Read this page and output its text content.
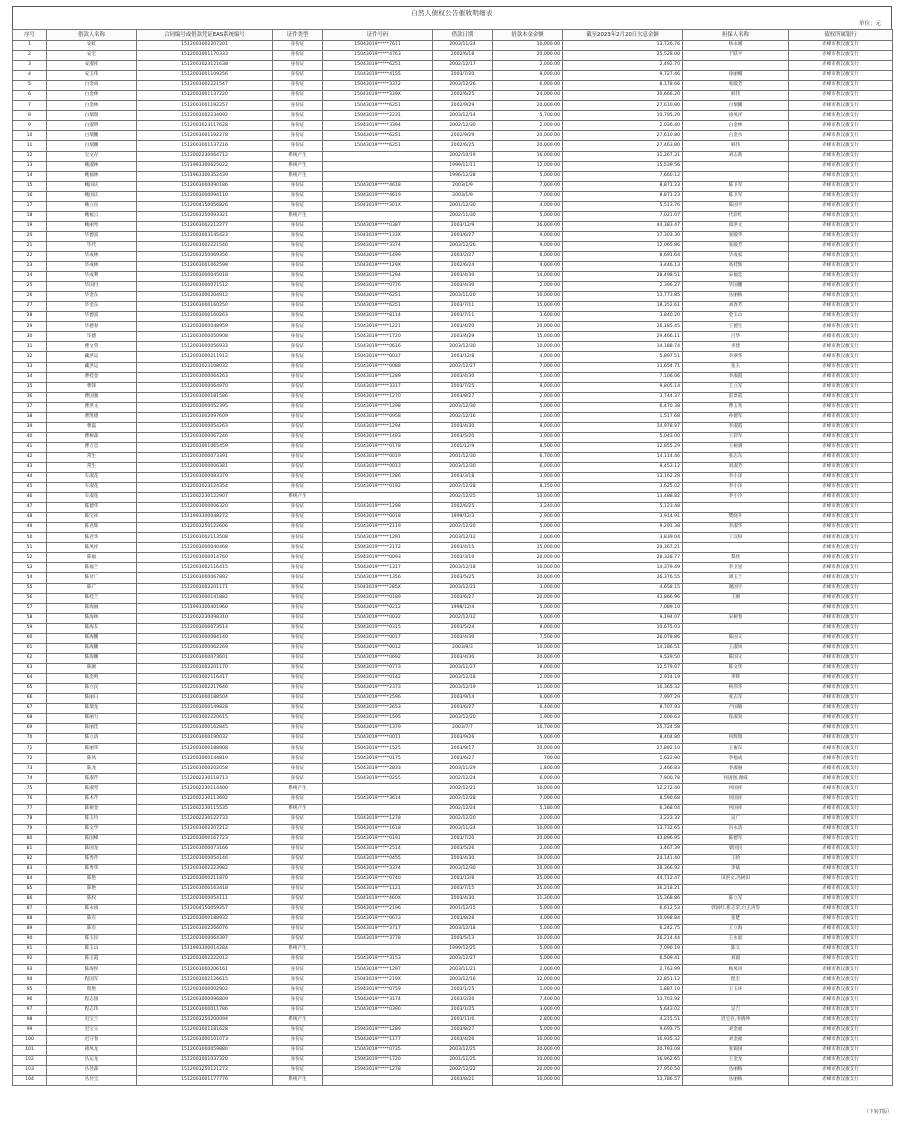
自然人债权公告催收明细表
单位：元
序号	借款人名称	合同编号或借款凭证EAS系统编号	证件类型	证件号码	借款日期	借款本金金额	截至2023年2月20日欠息金额	担保人名称	债权所属银行
1	安虹	1512003002207201	身份证	15043019*****7611	2003/11/24	10,000.00	13,726.76	杨永刚	赤峰市敖汉旗支行
2	安宏	1512003001170333	身份证	15043019*****4763	2002/6/18	20,000.00	25,528.00	于跃平	赤峰市敖汉旗支行
3	安淑祥	1512003023121638	身份证	15043019*****6251	2002/12/17	2,000.00	2,492.70		赤峰市敖汉旗支行
4	安玉伟	1512003001109256	身份证	15043019*****4155	2003/7/20	8,000.00	9,727.46	徐丽娜	赤峰市敖汉旗支行
5	白金尚	1512003002221547	身份证	15043019*****3372	2003/12/26	6,000.00	8,178.66	张殿芳	赤峰市敖汉旗支行
6	白金林	1512003001137220	身份证	15043019*****339X	2002/6/25	24,000.00	30,666.20	韩伟	赤峰市敖汉旗支行
7	白金林	1512003001192257	身份证	15043019*****6251	2002/9/29	20,000.00	27,610.80	白瑞鹏	赤峰市敖汉旗支行
8	白瑞瑞	1512003002234092	身份证	15043019*****2231	2003/12/14	5,700.00	10,795.20	徐凤祥	赤峰市敖汉旗支行
9	白淑明	1512003023117628	身份证	15043019*****3394	2002/12/30	2,000.00	2,036.40	白金林	赤峰市敖汉旗支行
10	白瑞鹏	1512003001192278	身份证	15043019*****6251	2002/9/29	20,000.00	27,610.80	白金水	赤峰市敖汉旗支行
11	白瑞鹏	1512003001137216	身份证	15043019*****6251	2002/6/25	20,000.00	27,463.80	韩伟	赤峰市敖汉旗支行
12	宝文存	1512002230064712	系统产生		2002/10/19	16,000.00	31,267.31	刘志新	赤峰市敖汉旗支行
13	鲍淑林	1511993300625022	系统产生		1999/11/11	12,000.00	15,539.56		赤峰市敖汉旗支行
14	鲍福林	1511963300352439	系统产生		1996/12/28	5,000.00	7,660.12		赤峰市敖汉旗支行
15	鲍国庆	1512003000090186	身份证	15043019*****4618	2003/1/9	7,000.00	8,871.23	陈卫军	赤峰市敖汉旗支行
16	鲍国庆	1512003000094110	身份证	15043019*****4619	2003/1/9	7,000.00	8,871.23	陈卫军	赤峰市敖汉旗支行
17	鲍立民	1512004150056826	身份证	15043019*****301X	2001/12/30	4,000.00	5,513.76	陈国平	赤峰市敖汉旗支行
18	鲍福云	1512003250093321	系统产生		2002/11/30	5,000.00	7,021.07	代彩红	赤峰市敖汉旗支行
19	鲍丽琴	1512003002212277	身份证	15043019*****0387	2003/12/9	26,000.00	44,383.47	郑洪文	赤峰市敖汉旗支行
20	毕德富	1512003003145423	身份证	15043019*****133X	2003/6/27	9,000.00	17,303.30	张殿华	赤峰市敖汉旗支行
21	毕代	1512003002221546	身份证	15043019*****3374	2003/12/26	9,000.00	12,065.86	张殿芳	赤峰市敖汉旗支行
22	毕成林	1512003250069356	身份证	15043019*****1499	2003/2/27	6,000.00	8,691.64	毕成家	赤峰市敖汉旗支行
23	毕成林	1512003001062598	身份证	15043019*****129X	2002/6/24	4,000.00	3,446.13	高桂辉	赤峰市敖汉旗支行
24	毕成利	1512003000045018	身份证	15043019*****1294	2003/4/30	14,000.00	28,498.51	宋福忠	赤峰市敖汉旗支行
25	毕国付	1512003000071512	身份证	15043019*****0776	2003/4/30	2,000.00	2,396.27	毕国鹏	赤峰市敖汉旗支行
26	毕金东	1512003000204912	身份证	15043019*****6251	2003/11/20	10,000.00	13,773.85	丛丽梅	赤峰市敖汉旗支行
27	毕金东	1512003000160250	身份证	15043019*****6251	2003/7/11	15,000.00	18,352.61	刘春芳	赤峰市敖汉旗支行
28	毕德富	1512003000160263	身份证	15043019*****8114	2003/7/11	3,600.00	3,840.20	金玉山	赤峰市敖汉旗支行
29	毕德春	1512003000048959	身份证	15043019*****1221	2003/4/20	20,000.00	26,185.45	王德生	赤峰市敖汉旗支行
30	毕德	1512003000050908	身份证	15043019*****1720	2003/4/29	15,000.00	29,466.11	吕华	赤峰市敖汉旗支行
31	曹文英	1512003000056933	身份证	15043019*****0616	2003/12/30	10,000.00	14,188.74	李建	赤峰市敖汉旗支行
32	藏洪运	1512003000211912	身份证	15043019*****0037	2003/12/8	4,000.00	5,897.51	李翠华	赤峰市敖汉旗支行
33	藏洪运	1512003023108032	身份证	15043019*****0088	2002/12/27	7,000.00	13,654.71	张玉	赤峰市敖汉旗支行
34	曹桂金	1512003000064263	身份证	15043019*****1289	2003/4/30	5,000.00	7,106.06	李淑霞	赤峰市敖汉旗支行
35	曹锋	1512003000064970	身份证	15043019*****3317	2003/7/25	8,000.00	9,805.14	王立军	赤峰市敖汉旗支行
36	曹国强	1512003000181586	身份证	15043019*****1270	2003/8/27	2,000.00	3,744.37	雷景霞	赤峰市敖汉旗支行
37	曹洪文	1512003000052395	身份证	15043019*****1298	2003/12/30	5,000.00	6,470.38	曹玉兆	赤峰市敖汉旗支行
38	曹凯德	1512003002097609	身份证	15043019*****0958	2002/12/16	1,000.00	1,517.68	孙德军	赤峰市敖汉旗支行
39	曹磊	1512003000054263	身份证	15043019*****1294	2003/4/30	8,000.00	14,978.97	李淑霞	赤峰市敖汉旗支行
40	曹树森	1512003000067246	身份证	15043019*****1493	2003/5/20	3,000.00	5,043.00	王彩军	赤峰市敖汉旗支行
41	曹万忠	1512003001065459	身份证	15043019*****0178	2001/12/9	8,500.00	12,855.29	王树满	赤峰市敖汉旗支行
42	常生	1512003000073391	身份证	15043019*****0019	2001/12/30	6,700.00	14,114.46	张志东	赤峰市敖汉旗支行
43	常生	1512003000006381	身份证	15043019*****0013	2003/12/30	6,000.00	8,453.12	刘淑芳	赤峰市敖汉旗支行
44	车淑花	1512003000083379	身份证	15043019*****1286	2003/3/18	3,000.00	13,162.28	李小泽	赤峰市敖汉旗支行
45	车淑花	1512003023124354	身份证	15043019*****0192	2002/12/28	8,150.00	3,625.02	李小泽	赤峰市敖汉旗支行
46	车淑花	1512002230122907	系统产生		2002/12/25	10,000.00	13,488.82	李小冷	赤峰市敖汉旗支行
47	陈德华	1512003000006320	身份证	15043019*****1298	2002/6/25	3,240.00	5,123.48		赤峰市敖汉旗支行
48	陈宝祥	1511993300048272	身份证	15043019*****0018	1999/12/3	2,900.00	3,914.91	樊晓升	赤峰市敖汉旗支行
49	陈君辉	1512003250122606	身份证	15043019*****2119	2002/12/20	5,000.00	9,291.38	李淑华	赤峰市敖汉旗支行
50	陈君华	1512003002113508	身份证	15043019*****1291	2003/12/12	2,000.00	3,839.04	丁汉柏	赤峰市敖汉旗支行
51	陈凤祥	1512003000040468	身份证	15043019*****2172	2003/4/15	15,000.00	29,367.21		赤峰市敖汉旗支行
52	陈福	1512003000014760	身份证	15043019*****0093	2003/3/10	20,000.00	28,328.77	黎欣	赤峰市敖汉旗支行
53	陈福兰	1512003002116415	身份证	15043019*****1317	2003/12/18	10,000.00	14,379.49	李卫星	赤峰市敖汉旗支行
54	陈付广	1512003000067892	身份证	15043019*****1356	2003/5/25	20,000.00	26,376.55	谭玉兰	赤峰市敖汉旗支行
55	陈广	1512003002201171	身份证	15043019*****285X	2003/12/21	3,000.00	4,658.15	谢国宇	赤峰市敖汉旗支行
56	陈桂兰	1512003000141882	身份证	15043019*****0189	2003/6/27	20,000.00	43,866.96	王刚	赤峰市敖汉旗支行
57	陈海丽	1511993300401960	身份证	15043019*****0212	1998/12/4	5,000.00	7,089.10		赤峰市敖汉旗支行
58	陈海林	1512002230098310	身份证	15043019*****0032	2002/12/12	5,000.00	9,194.07	宋树春	赤峰市敖汉旗支行
59	陈海友	1512003000073514	身份证	15043019*****0315	2003/5/24	8,000.00	10,675.03		赤峰市敖汉旗支行
60	陈海鹏	1512003000084140	身份证	15043019*****0017	2003/4/30	7,500.00	26,078.86	陈国义	赤峰市敖汉旗支行
61	陈海鹏	1512003000062269	身份证	15043019*****0012	2003/9/3	10,000.00	14,186.51	王淑凤	赤峰市敖汉旗支行
62	陈海鹏	1512003000073601	身份证	15043019*****0692	2003/4/30	20,000.00	9,529.50	陈国义	赤峰市敖汉旗支行
63	陈刚	1512003002201170	身份证	15043019*****0773	2003/11/27	8,000.00	12,579.07	陈文华	赤峰市敖汉旗支行
64	陈金鸣	1512003002116417	身份证	15043019*****0142	2003/12/18	2,000.00	2,914.19	李辉	赤峰市敖汉旗支行
65	陈立民	1512003002217646	身份证	15043019*****2373	2003/12/19	11,000.00	16,365.32	杨伟华	赤峰市敖汉旗支行
66	陈丽日	1512003000188504	身份证	15043019*****2596	2003/9/14	6,000.00	7,997.29	张志军	赤峰市敖汉旗支行
67	陈瑞龙	1512003000149828	身份证	15043019*****2653	2003/6/27	6,400.00	8,707.93	卢国敏	赤峰市敖汉旗支行
68	陈丽力	1512003002220615	身份证	15043019*****1595	2003/12/20	1,900.00	2,600.63	崔淑双	赤峰市敖汉旗支行
69	陈丽佳	1512003000162845	身份证	15043019*****1379	2003/7/7	16,700.00	25,724.58		赤峰市敖汉旗支行
70	陈立清	1512003000190032	身份证	15043019*****0011	2003/9/26	5,000.00	8,404.80	何辉瑞	赤峰市敖汉旗支行
71	陈丽华	1512003000188908	身份证	15043019*****1525	2003/9/17	20,000.00	27,892.10	王俊东	赤峰市敖汉旗支行
72	陈凤	1512003000144819	身份证	15043019*****0175	2003/6/27	700.00	1,622.90	李福成	赤峰市敖汉旗支行
73	陈龙	1512003000202058	身份证	15043019*****2833	2003/11/29	1,800.00	2,466.83	李淑丽	赤峰市敖汉旗支行
74	陈淑芹	1512002230118713	身份证	15043019*****0255	2002/12/24	6,000.00	7,900.78	何国强,谢威	赤峰市敖汉旗支行
75	陈淑琴	1512002230114400	系统产生		2002/12/21	10,000.00	12,272.40	何国祥	赤峰市敖汉旗支行
76	陈术芹	1512002230113692	身份证	15043019*****3614	2002/12/28	7,000.00	8,590.68	何国祥	赤峰市敖汉旗支行
77	陈树金	1512002230115535	系统产生		2002/12/24	5,180.00	6,368.04	何国祥	赤峰市敖汉旗支行
78	陈玉玲	1512002230122733	身份证	15043019*****1278	2002/12/20	2,000.00	3,223.32	吴广	赤峰市敖汉旗支行
79	陈文学	1512003002207212	身份证	15043019*****1618	2003/11/24	10,000.00	13,732.65	冯永清	赤峰市敖汉旗支行
80	陈国峰	1512003000167723	身份证	15043019*****0191	2003/7/20	20,000.00	43,896.95	陈德军	赤峰市敖汉旗支行
81	陈国龙	1512003000073166	身份证	15043019*****2514	2003/5/26	2,000.00	3,467.39	梁国民	赤峰市敖汉旗支行
82	陈秀芹	1512003000054146	身份证	15043019*****0455	2003/4/30	19,000.00	24,141.40	王晗	赤峰市敖汉旗支行
83	陈秀华	1512003002223982	身份证	15043019*****3374	2003/12/30	20,000.00	28,366.92	李斌	赤峰市敖汉旗支行
84	陈艳	1512003000211870	身份证	15043019*****0740	2003/12/8	25,000.00	44,712.47	田洪文,冯树田	赤峰市敖汉旗支行
85	陈艳	1512003000163418	身份证	15043019*****1121	2003/7/15	25,000.00	36,218.21		赤峰市敖汉旗支行
86	陈权	1512003000054111	身份证	15043019*****460X	2003/4/30	11,300.00	15,368.86	陈立军	赤峰市敖汉旗支行
87	陈永国	1512004150059257	身份证	15043019*****2196	2001/12/15	5,000.00	6,612.53	郭国红,崔志荣,白玉涛等	赤峰市敖汉旗支行
88	陈有	1512003000188932	身份证	15043019*****0673	2003/8/28	4,000.00	10,998.84	张楚	赤峰市敖汉旗支行
89	陈有	1512003002266076	身份证	15043019*****3717	2003/12/18	5,000.00	6,242.75	王立海	赤峰市敖汉旗支行
90	陈玉民	1512003000064397	身份证	15043019*****3778	2003/5/13	10,000.00	26,214.44	王永庭	赤峰市敖汉旗支行
91	陈玉山	1511993300014284	系统产生		1999/12/25	5,000.00	7,090.19	陈义	赤峰市敖汉旗支行
92	陈玉霞	1512003002222012	身份证	15043019*****3153	2003/12/27	5,000.00	6,509.41	刘毅	赤峰市敖汉旗支行
93	陈海侯	1512003000206161	身份证	15043019*****1297	2003/11/21	2,000.00	2,763.99	杨凤凤	赤峰市敖汉旗支行
94	程国军	1512003002126615	身份证	15043019*****219X	2003/12/16	12,000.00	22,851.12	程宏	赤峰市敖汉旗支行
95	程艳	1512003000002902	身份证	15043019*****0759	2003/1/25	1,000.00	1,887.10	王玉环	赤峰市敖汉旗支行
96	程志国	1512003000096809	身份证	15043019*****3174	2003/2/26	7,400.00	13,703.92		赤峰市敖汉旗支行
97	程志伟	1512003000011786	身份证	15043019*****0390	2003/1/25	3,000.00	5,643.02	吴吉	赤峰市敖汉旗支行
98	迟宝兰	1512003250200094	系统产生		2003/11/6	2,800.00	4,215.51	迟宝存,李晓坤	赤峰市敖汉旗支行
99	迟宝玉	1512003001181628	身份证	15043019*****1289	2003/8/27	5,000.00	9,693.75	刘金福	赤峰市敖汉旗支行
100	迟守春	1512003000101073	身份证	15043019*****1177	2003/4/26	10,000.00	16,935.32	刘金福	赤峰市敖汉旗支行
101	褚凤龙	1512003000059880	身份证	15043019*****0735	2003/12/25	20,000.00	20,793.08	张锡国	赤峰市敖汉旗支行
102	丛运龙	1512003001037320	身份证	15043019*****1720	2001/11/25	10,000.00	16,962.65	王金龙	赤峰市敖汉旗支行
103	丛付森	1512003250121272	身份证	15043019*****1278	2002/12/22	20,000.00	27,950.50	丛丽梅	赤峰市敖汉旗支行
104	丛付宝	1512003001177776	系统产生		2003/8/21	10,000.00	13,786.57	丛丽梅	赤峰市敖汉旗支行
（下转7版）
